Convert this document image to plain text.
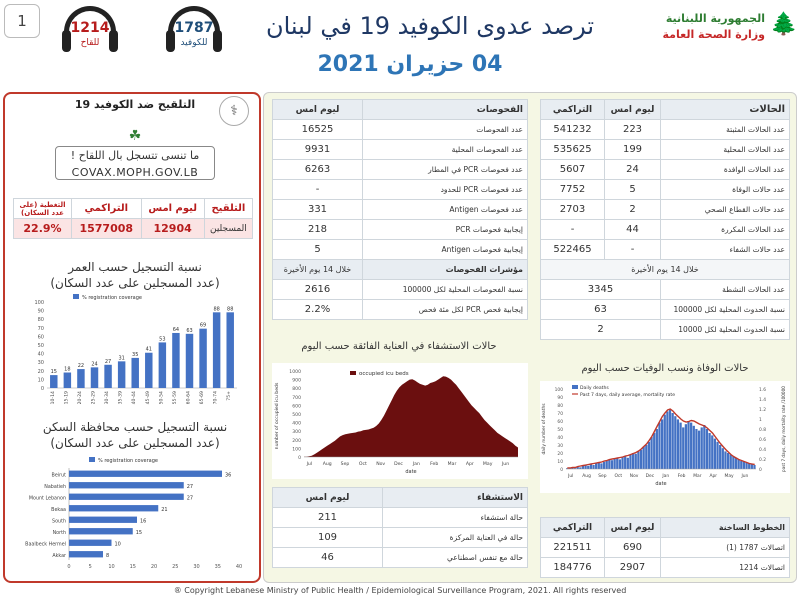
1	1214
للقاح
1787
للكوفيد
ترصد عدوى الكوفيد 19 في لبنان
04 حزيران 2021
الجمهورية اللبنانية
وزارة الصحة العامة 🌲
التلقيح ضد الكوفيد 19	⚕
☘
ما تنسى تتسجل بال اللقاح !
COVAX.MOPH.GOV.LB
التغطية (على عدد السكان)	التراكمي	ليوم امس	التلقيح
22.9%	1577008	12904	المسجلين
نسبة التسجيل حسب العمر
(عدد المسجلين على عدد السكان)
% registration coverage
0
10
20
30
40
50
60
70
80
90
100
15
10-14
18
15-19
22
20-24
24
25-29
27
30-34
31
35-39
35
40-44
41
45-49
53
50-54
64
55-59
63
60-64
69
65-69
88
70-74
88
75+
نسبة التسجيل حسب محافظة السكن
(عدد المسجلين على عدد السكان)
% registration coverage
0	5	10	15	20	25	30	35	40
36
Beirut
27
Nabatieh
27
Mount Lebanon
21
Bekaa
16
South
15
North
10
Baalbeck Hermel
8
Akkar
ليوم امس	الفحوصات
16525	عدد الفحوصات
9931	عدد الفحوصات المحلية
6263	عدد فحوصات PCR في المطار
-	عدد فحوصات PCR للحدود
331	عدد فحوصات Antigen
218	إيجابية فحوصات PCR
5	إيجابية فحوصات Antigen
خلال 14 يوم الأخيرة	مؤشرات الفحوصات
2616	نسبة الفحوصات المحلية لكل 100000
2.2%	إيجابية فحص PCR لكل مئة فحص
التراكمي	ليوم امس	الحالات
541232	223	عدد الحالات المثبتة
535625	199	عدد الحالات المحلية
5607	24	عدد الحالات الوافدة
7752	5	عدد حالات الوفاة
2703	2	عدد حالات القطاع الصحي
-	44	عدد الحالات المكررة
522465	-	عدد حالات الشفاء
خلال 14 يوم الأخيرة		
3345		عدد الحالات النشطة
63		نسبة الحدوث المحلية لكل 100000
2		نسبة الحدوث المحلية لكل 10000
حالات الاستشفاء في العناية الفائقة حسب اليوم
0
100
200
300
400
500
600
700
800
900
1000	occupied icu beds
number of occupied icu beds
Jul Aug Sep Oct Nov Dec Jan Feb Mar Apr May Jun
date
حالات الوفاة ونسب الوفيات حسب اليوم
0
10
20
30
40
50
60
70
80
90
100
0
0.2
0.4
0.6
0.8
1
1.2
1.4
1.6
Daily deaths
Past 7 days, daily average, mortality rate
daily number of deaths	past 7 days, daily mortality rate /100000
Jul Aug Sep Oct Nov Dec Jan Feb Mar Apr May Jun
date
ليوم امس	الاستشفاء
211	حالة استشفاء
109	حالة في العناية المركزة
46	حالة مع تنفس اصطناعي
التراكمي	ليوم امس	الخطوط الساخنة
221511	690	اتصالات 1787 (1)
184776	2907	اتصالات 1214
® Copyright Lebanese Ministry of Public Health / Epidemiological Surveillance Program, 2021. All rights reserved
